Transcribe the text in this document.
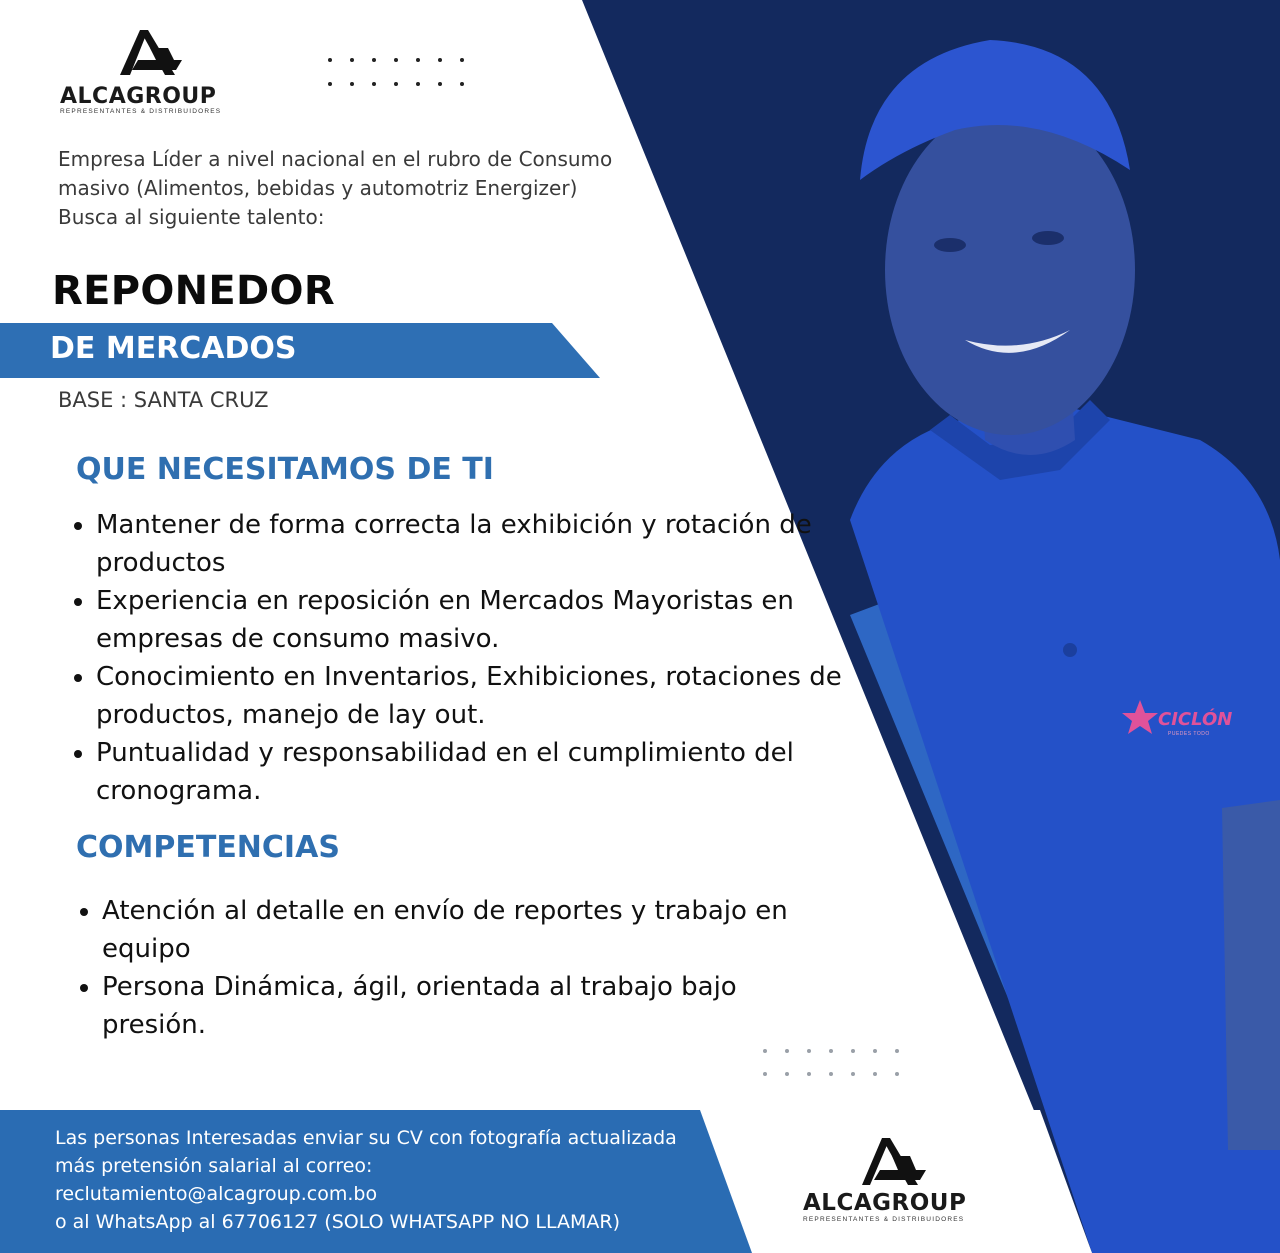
ALCAGROUP
REPRESENTANTES & DISTRIBUIDORES

Empresa Líder a nivel nacional en el rubro de Consumo masivo (Alimentos, bebidas y automotriz Energizer) Busca al siguiente talento:

REPONEDOR
DE MERCADOS

BASE : SANTA CRUZ

QUE NECESITAMOS DE TI
• Mantener de forma correcta la exhibición y rotación de productos
• Experiencia en reposición en Mercados Mayoristas en empresas de consumo masivo.
• Conocimiento en Inventarios, Exhibiciones, rotaciones de productos, manejo de lay out.
• Puntualidad y responsabilidad en el cumplimiento del cronograma.
COMPETENCIAS
• Atención al detalle en envío de reportes y trabajo en equipo
• Persona Dinámica, ágil, orientada al trabajo bajo presión.
CICLÓN
PUEDES TODO

Las personas Interesadas enviar su CV con fotografía actualizada
más pretensión salarial al correo:
reclutamiento@alcagroup.com.bo
o al WhatsApp al 67706127 (SOLO WHATSAPP NO LLAMAR)

ALCAGROUP
REPRESENTANTES & DISTRIBUIDORES
